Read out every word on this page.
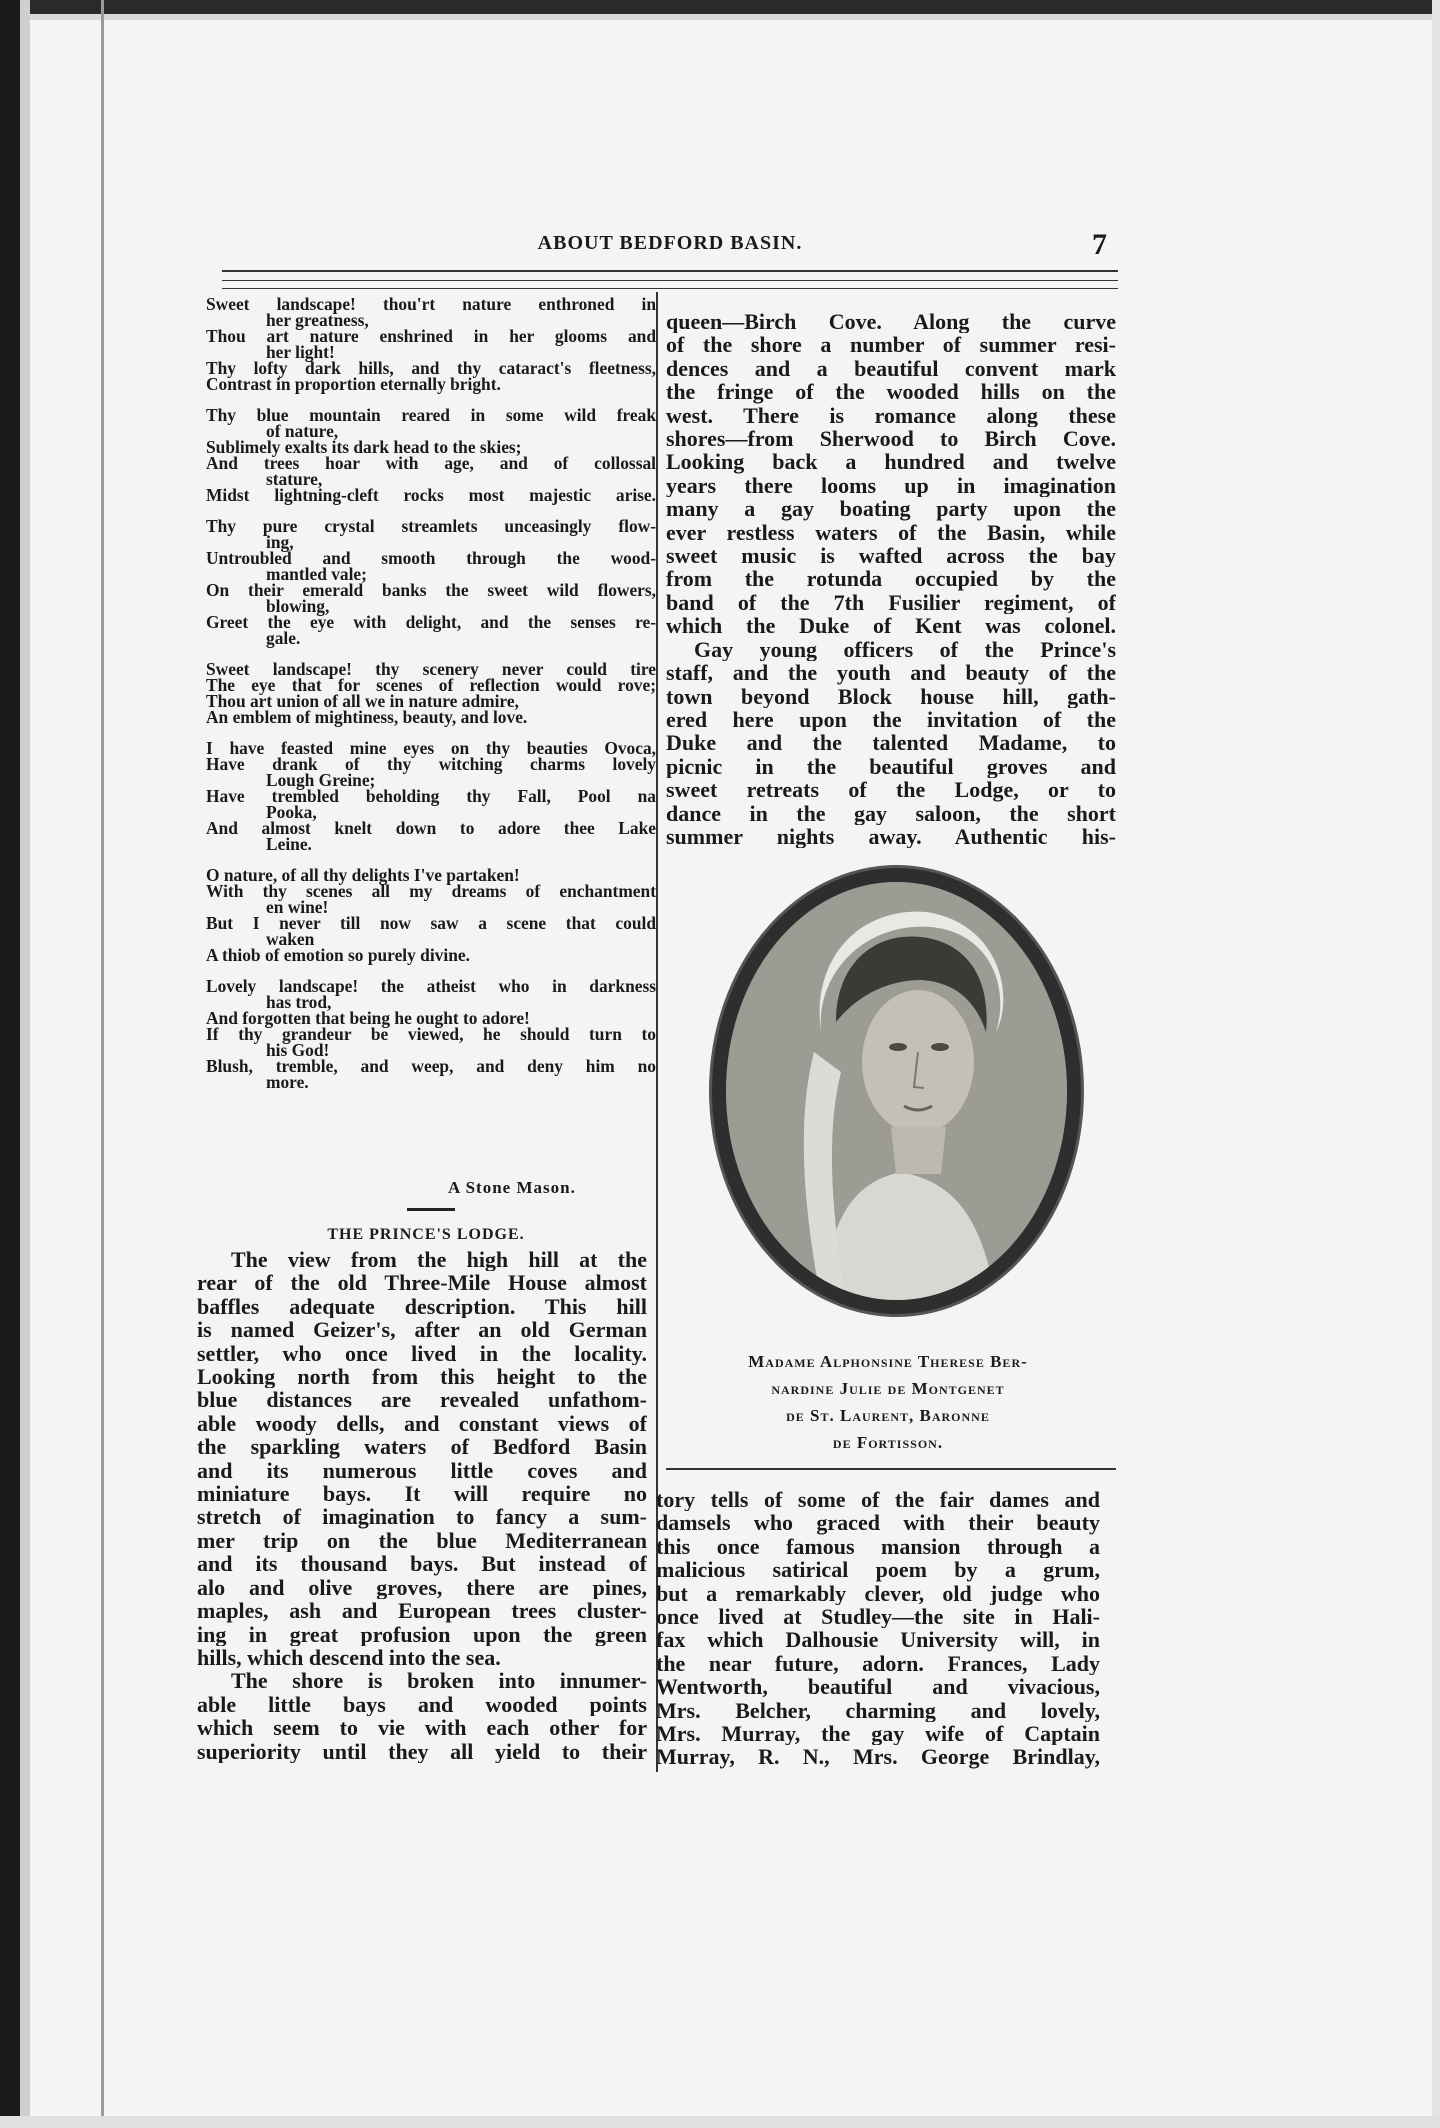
ABOUT BEDFORD BASIN.	7
Sweet landscape! thou'rt nature enthroned in
her greatness,
Thou art nature enshrined in her glooms and
her light!
Thy lofty dark hills, and thy cataract's fleetness,
Contrast in proportion eternally bright.
Thy blue mountain reared in some wild freak
of nature,
Sublimely exalts its dark head to the skies;
And trees hoar with age, and of collossal
stature,
Midst lightning-cleft rocks most majestic arise.
Thy pure crystal streamlets unceasingly flow-
ing,
Untroubled and smooth through the wood-
mantled vale;
On their emerald banks the sweet wild flowers,
blowing,
Greet the eye with delight, and the senses re-
gale.
Sweet landscape! thy scenery never could tire
The eye that for scenes of reflection would rove;
Thou art union of all we in nature admire,
An emblem of mightiness, beauty, and love.
I have feasted mine eyes on thy beauties Ovoca,
Have drank of thy witching charms lovely
Lough Greine;
Have trembled beholding thy Fall, Pool na
Pooka,
And almost knelt down to adore thee Lake
Leine.
O nature, of all thy delights I've partaken!
With thy scenes all my dreams of enchantment
en wine!
But I never till now saw a scene that could
waken
A thiob of emotion so purely divine.
Lovely landscape! the atheist who in darkness
has trod,
And forgotten that being he ought to adore!
If thy grandeur be viewed, he should turn to
his God!
Blush, tremble, and weep, and deny him no
more.
A Stone Mason.
THE PRINCE'S LODGE.
The view from the high hill at the
rear of the old Three-Mile House almost
baffles adequate description. This hill
is named Geizer's, after an old German
settler, who once lived in the locality.
Looking north from this height to the
blue distances are revealed unfathom-
able woody dells, and constant views of
the sparkling waters of Bedford Basin
and its numerous little coves and
miniature bays. It will require no
stretch of imagination to fancy a sum-
mer trip on the blue Mediterranean
and its thousand bays. But instead of
alo and olive groves, there are pines,
maples, ash and European trees cluster-
ing in great profusion upon the green
hills, which descend into the sea.
The shore is broken into innumer-
able little bays and wooded points
which seem to vie with each other for
superiority until they all yield to their
queen—Birch Cove. Along the curve
of the shore a number of summer resi-
dences and a beautiful convent mark
the fringe of the wooded hills on the
west. There is romance along these
shores—from Sherwood to Birch Cove.
Looking back a hundred and twelve
years there looms up in imagination
many a gay boating party upon the
ever restless waters of the Basin, while
sweet music is wafted across the bay
from the rotunda occupied by the
band of the 7th Fusilier regiment, of
which the Duke of Kent was colonel.
Gay young officers of the Prince's
staff, and the youth and beauty of the
town beyond Block house hill, gath-
ered here upon the invitation of the
Duke and the talented Madame, to
picnic in the beautiful groves and
sweet retreats of the Lodge, or to
dance in the gay saloon, the short
summer nights away. Authentic his-
Madame Alphonsine Therese Ber-
nardine Julie de Montgenet
de St. Laurent, Baronne
de Fortisson.
tory tells of some of the fair dames and
damsels who graced with their beauty
this once famous mansion through a
malicious satirical poem by a grum,
but a remarkably clever, old judge who
once lived at Studley—the site in Hali-
fax which Dalhousie University will, in
the near future, adorn. Frances, Lady
Wentworth, beautiful and vivacious,
Mrs. Belcher, charming and lovely,
Mrs. Murray, the gay wife of Captain
Murray, R. N., Mrs. George Brindlay,
